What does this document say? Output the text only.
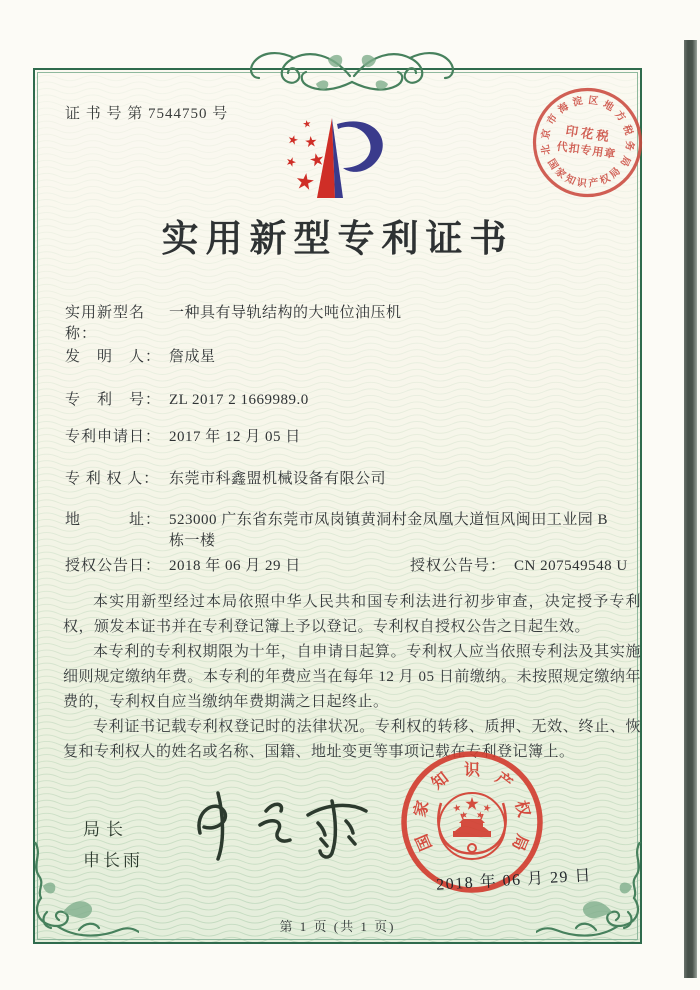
证 书 号 第 7544750 号
实用新型专利证书
实用新型名称：一种具有导轨结构的大吨位油压机
发　明　人： 詹成星
专　利　号： ZL 2017 2 1669989.0
专利申请日： 2017 年 12 月 05 日
专 利 权 人： 东莞市科鑫盟机械设备有限公司
地　　　址： 523000 广东省东莞市凤岗镇黄洞村金凤凰大道恒风闽田工业园 B 栋一楼
授权公告日： 2018 年 06 月 29 日	授权公告号： CN 207549548 U

本实用新型经过本局依照中华人民共和国专利法进行初步审查，决定授予专利权，颁发本证书并在专利登记簿上予以登记。专利权自授权公告之日起生效。

本专利的专利权期限为十年，自申请日起算。专利权人应当依照专利法及其实施细则规定缴纳年费。本专利的年费应当在每年 12 月 05 日前缴纳。未按照规定缴纳年费的，专利权自应当缴纳年费期满之日起终止。

专利证书记载专利权登记时的法律状况。专利权的转移、质押、无效、终止、恢复和专利权人的姓名或名称、国籍、地址变更等事项记载在专利登记簿上。

局长
申长雨
国
家
知 识 产
权
局
2018 年 06 月 29 日
北
京
市
海 淀 区 地
方
税
务
局
国
家
知
识 产
权
局
印花税
代扣专用章
第 1 页 (共 1 页)
